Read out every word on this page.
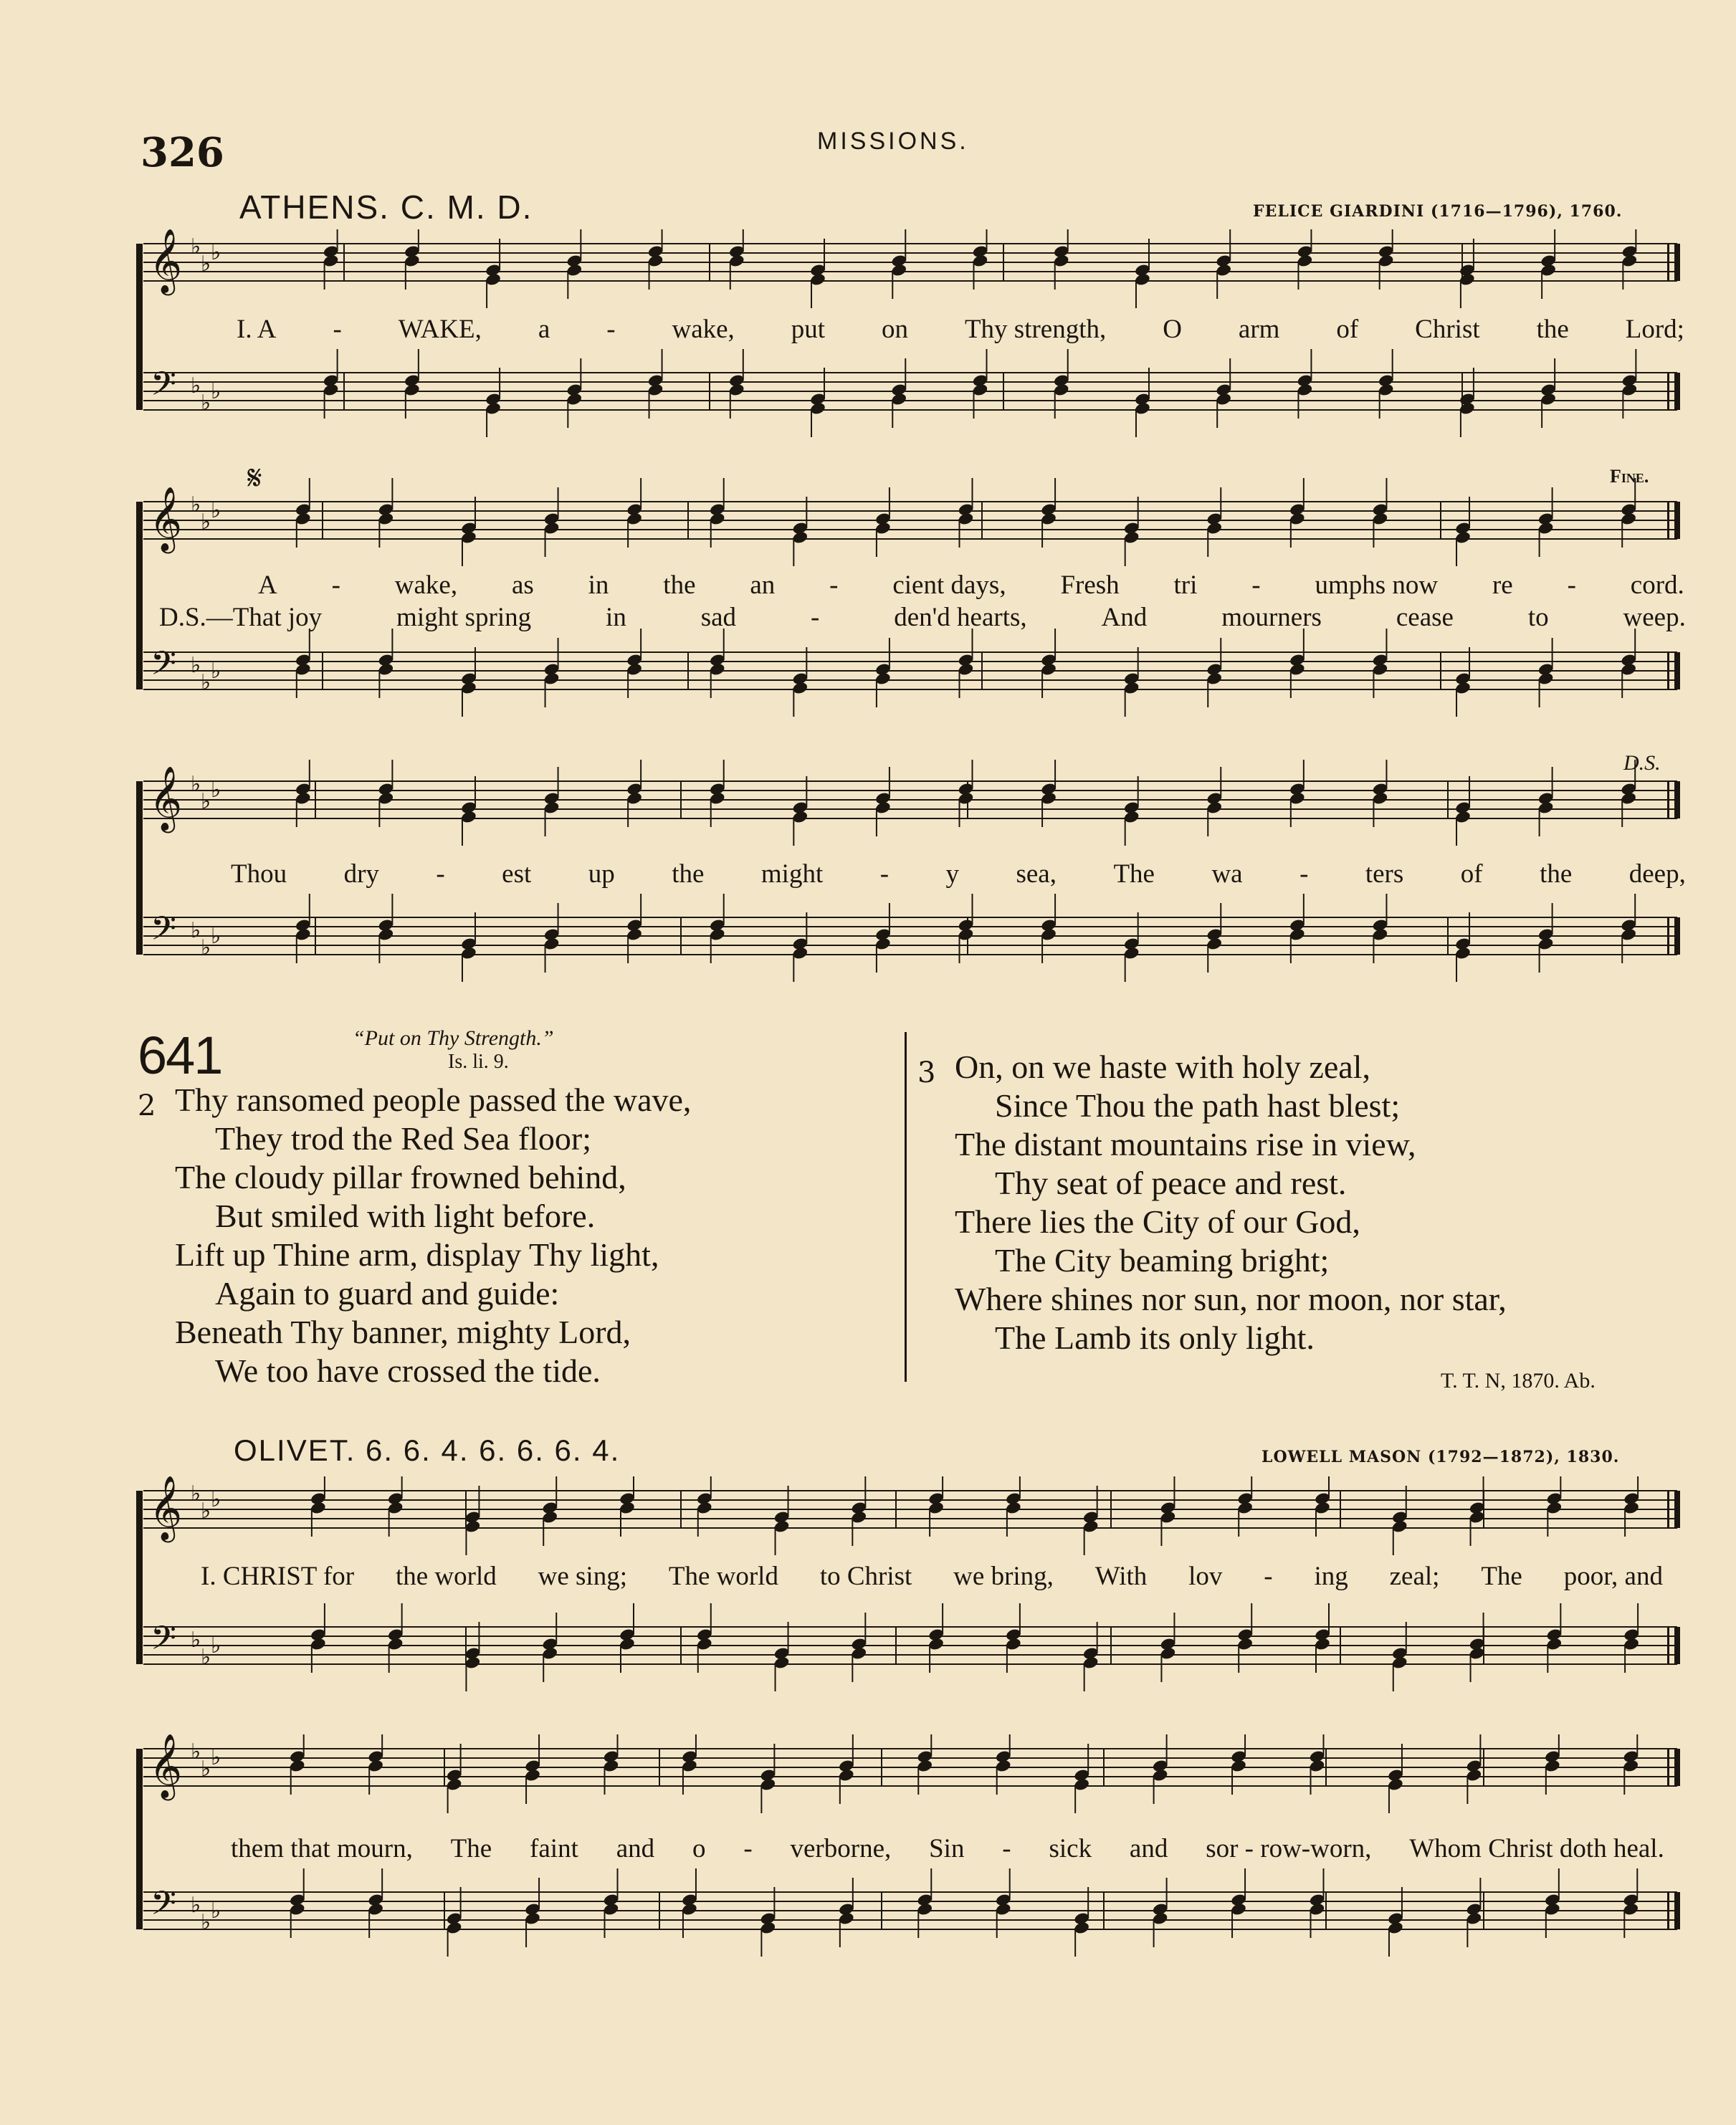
326	MISSIONS.
ATHENS. C. M. D.	FELICE GIARDINI (1716—1796), 1760.
𝄞
𝄢
♭
♭
♭
♭
♭
♭
𝄞
𝄢
♭
♭
♭
♭
♭
♭
𝄞
𝄢
♭
♭
♭
♭
♭
♭
I. A - WAKE, a - wake, put on Thy strength, O arm of Christ the Lord;
𝄋	Fine.
A - wake, as in the an - cient days, Fresh tri - umphs now re - cord.
D.S.—That joy	might spring	in	sad	-	den'd hearts,	And	mourners	cease	to	weep.
D.S.
Thou dry - est up the might - y sea, The wa - ters of the deep,
641	“Put on Thy Strength.”
Is. li. 9.
2 Thy ransomed people passed the wave,
They trod the Red Sea floor;
The cloudy pillar frowned behind,
But smiled with light before.
Lift up Thine arm, display Thy light,
Again to guard and guide:
Beneath Thy banner, mighty Lord,
We too have crossed the tide.
3 On, on we haste with holy zeal,
Since Thou the path hast blest;
The distant mountains rise in view,
Thy seat of peace and rest.
There lies the City of our God,
The City beaming bright;
Where shines nor sun, nor moon, nor star,
The Lamb its only light.
T. T. N, 1870. Ab.
OLIVET. 6. 6. 4. 6. 6. 6. 4.	LOWELL MASON (1792—1872), 1830.
𝄞
𝄢
♭
♭
♭
♭
♭
♭
𝄞
𝄢
♭
♭
♭
♭
♭
♭
I. CHRIST for the world we sing; The world to Christ we bring, With lov - ing zeal; The poor, and
them that mourn, The faint and o - verborne, Sin - sick and sor - row-worn, Whom Christ doth heal.
